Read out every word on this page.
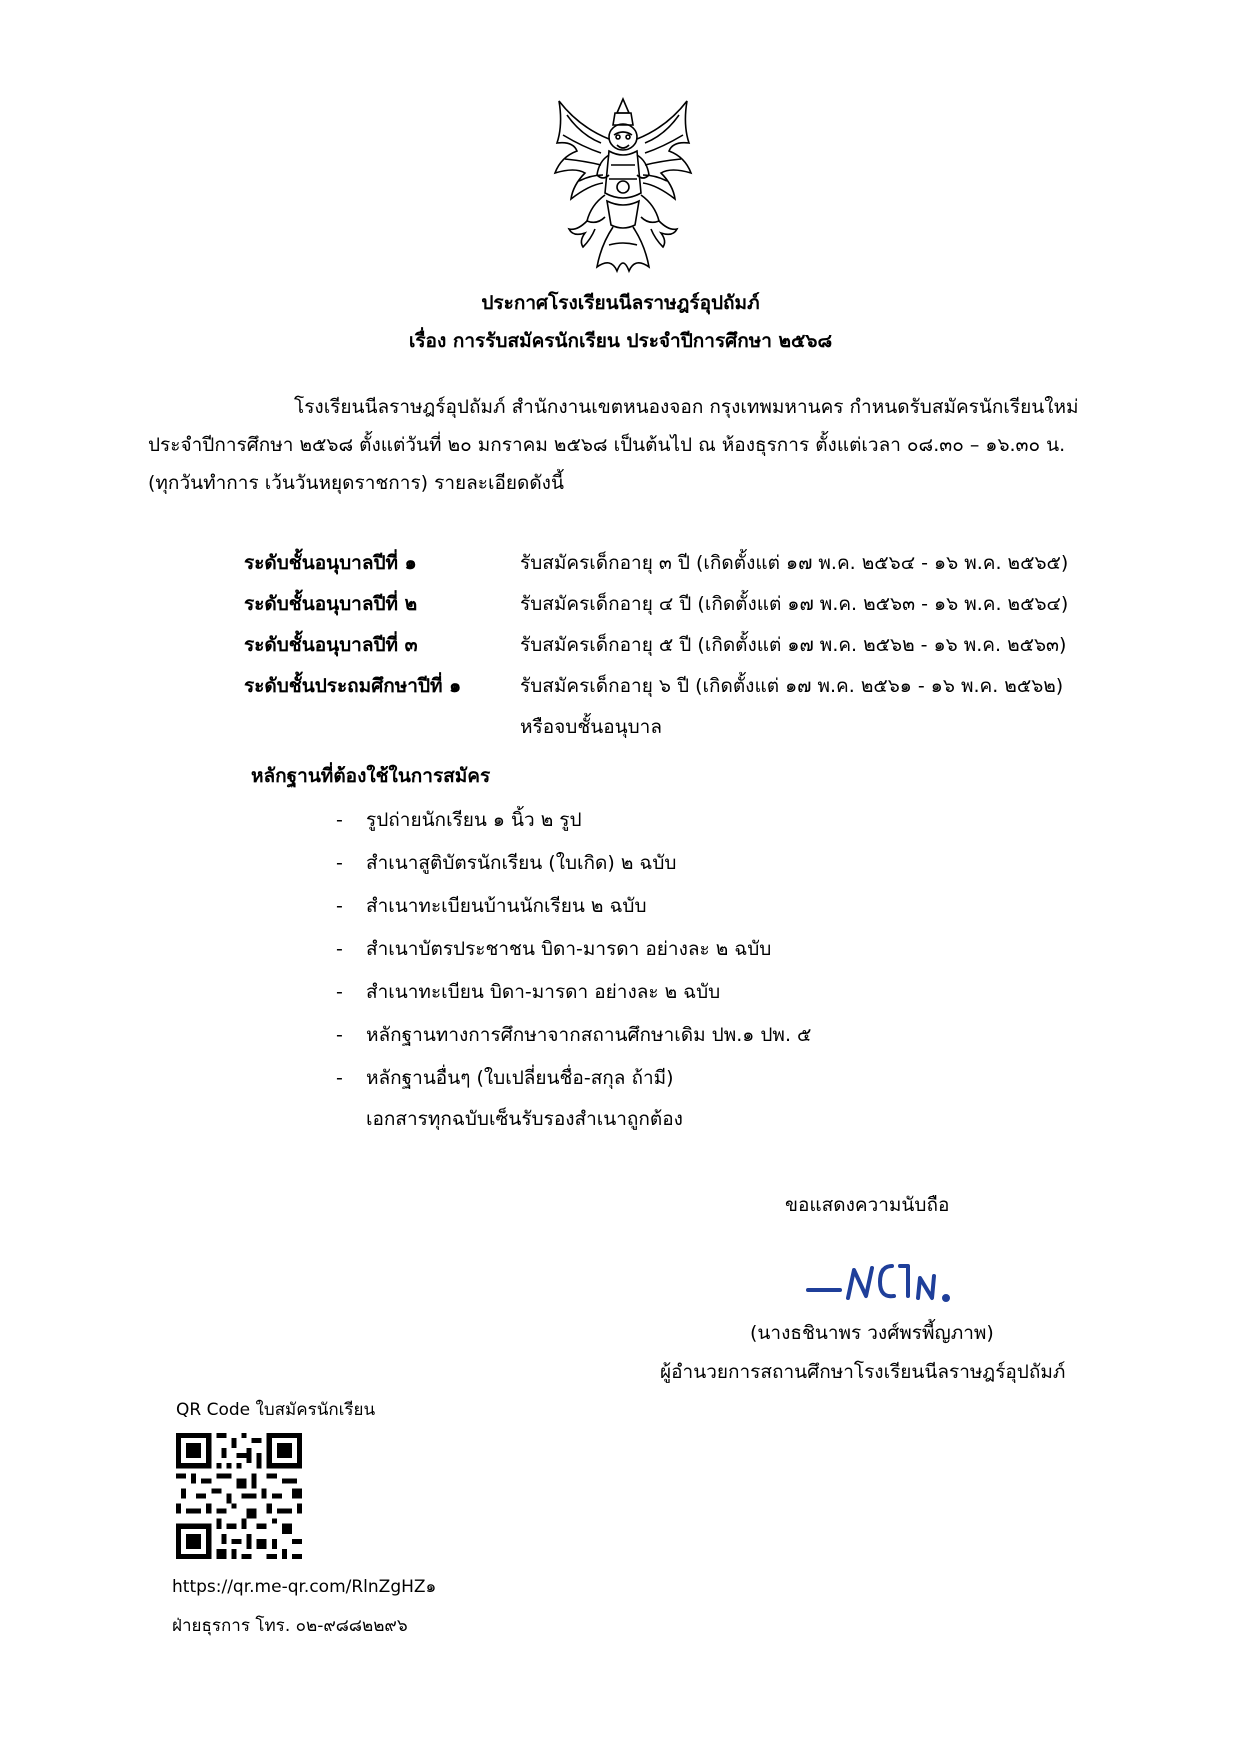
ประกาศโรงเรียนนีลราษฎร์อุปถัมภ์
เรื่อง การรับสมัครนักเรียน ประจำปีการศึกษา ๒๕๖๘
โรงเรียนนีลราษฎร์อุปถัมภ์ สำนักงานเขตหนองจอก กรุงเทพมหานคร กำหนดรับสมัครนักเรียนใหม่
ประจำปีการศึกษา ๒๕๖๘ ตั้งแต่วันที่ ๒๐ มกราคม ๒๕๖๘ เป็นต้นไป ณ ห้องธุรการ ตั้งแต่เวลา ๐๘.๓๐ – ๑๖.๓๐ น.
(ทุกวันทำการ เว้นวันหยุดราชการ) รายละเอียดดังนี้
ระดับชั้นอนุบาลปีที่ ๑	รับสมัครเด็กอายุ ๓ ปี (เกิดตั้งแต่ ๑๗ พ.ค. ๒๕๖๔ - ๑๖ พ.ค. ๒๕๖๕)
ระดับชั้นอนุบาลปีที่ ๒	รับสมัครเด็กอายุ ๔ ปี (เกิดตั้งแต่ ๑๗ พ.ค. ๒๕๖๓ - ๑๖ พ.ค. ๒๕๖๔)
ระดับชั้นอนุบาลปีที่ ๓	รับสมัครเด็กอายุ ๕ ปี (เกิดตั้งแต่ ๑๗ พ.ค. ๒๕๖๒ - ๑๖ พ.ค. ๒๕๖๓)
ระดับชั้นประถมศึกษาปีที่ ๑	รับสมัครเด็กอายุ ๖ ปี (เกิดตั้งแต่ ๑๗ พ.ค. ๒๕๖๑ - ๑๖ พ.ค. ๒๕๖๒)
หรือจบชั้นอนุบาล
หลักฐานที่ต้องใช้ในการสมัคร
-	รูปถ่ายนักเรียน ๑ นิ้ว ๒ รูป
-	สำเนาสูติบัตรนักเรียน (ใบเกิด) ๒ ฉบับ
-	สำเนาทะเบียนบ้านนักเรียน ๒ ฉบับ
-	สำเนาบัตรประชาชน บิดา-มารดา อย่างละ ๒ ฉบับ
-	สำเนาทะเบียน บิดา-มารดา อย่างละ ๒ ฉบับ
-	หลักฐานทางการศึกษาจากสถานศึกษาเดิม ปพ.๑ ปพ. ๕
-	หลักฐานอื่นๆ (ใบเปลี่ยนชื่อ-สกุล ถ้ามี)
เอกสารทุกฉบับเซ็นรับรองสำเนาถูกต้อง
ขอแสดงความนับถือ
(นางธชินาพร วงศ์พรพี้ญภาพ)
ผู้อำนวยการสถานศึกษาโรงเรียนนีลราษฎร์อุปถัมภ์
QR Code ใบสมัครนักเรียน
https://qr.me-qr.com/RlnZgHZ๑
ฝ่ายธุรการ โทร. ๐๒-๙๘๘๒๒๙๖
